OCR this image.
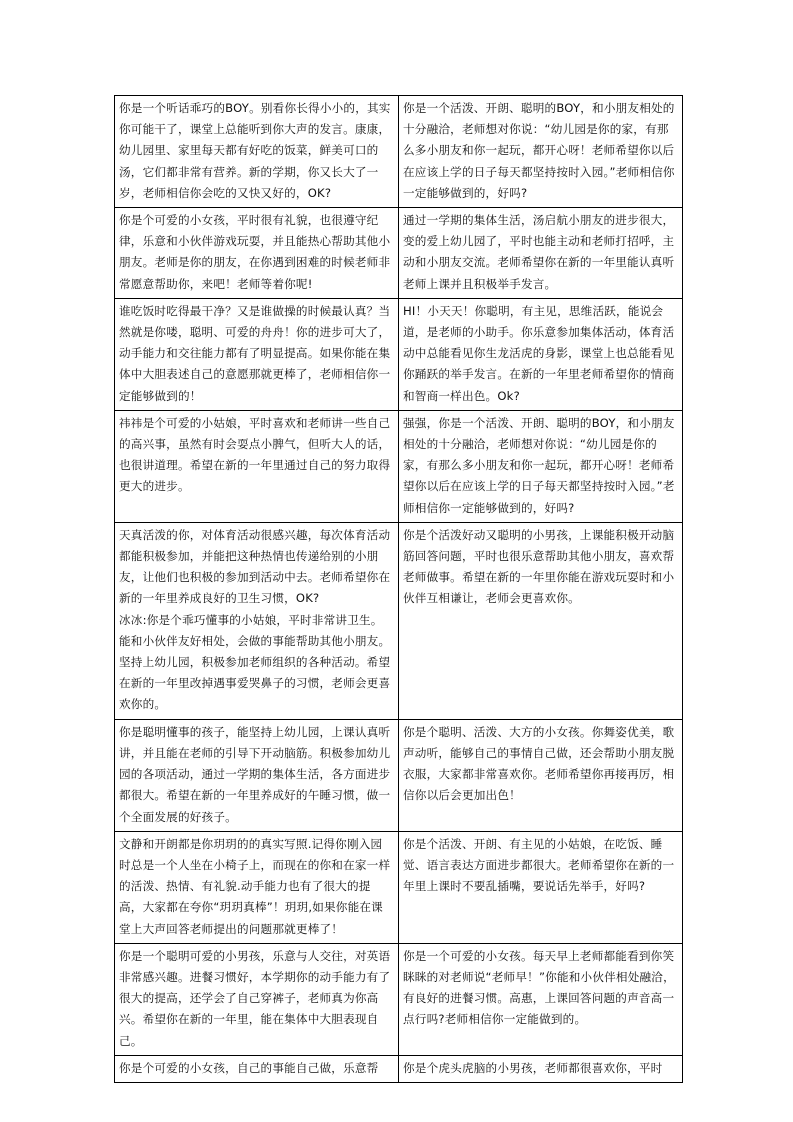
你是一个听话乖巧的BOY。别看你长得小小的，其实你可能干了，课堂上总能听到你大声的发言。康康，幼儿园里、家里每天都有好吃的饭菜，鲜美可口的汤，它们都非常有营养。新的学期，你又长大了一岁，老师相信你会吃的又快又好的，OK?	你是一个活泼、开朗、聪明的BOY，和小朋友相处的十分融洽，老师想对你说：“幼儿园是你的家，有那么多小朋友和你一起玩，都开心呀！老师希望你以后在应该上学的日子每天都坚持按时入园。”老师相信你一定能够做到的，好吗?

你是个可爱的小女孩，平时很有礼貌，也很遵守纪律，乐意和小伙伴游戏玩耍，并且能热心帮助其他小朋友。老师是你的朋友，在你遇到困难的时候老师非常愿意帮助你，来吧！老师等着你呢!	通过一学期的集体生活，汤启航小朋友的进步很大，变的爱上幼儿园了，平时也能主动和老师打招呼，主动和小朋友交流。老师希望你在新的一年里能认真听老师上课并且积极举手发言。

谁吃饭时吃得最干净？又是谁做操的时候最认真？当然就是你喽，聪明、可爱的舟舟！你的进步可大了，动手能力和交往能力都有了明显提高。如果你能在集体中大胆表述自己的意愿那就更棒了，老师相信你一定能够做到的！	HI！小天天！你聪明，有主见，思维活跃，能说会道，是老师的小助手。你乐意参加集体活动，体育活动中总能看见你生龙活虎的身影，课堂上也总能看见你踊跃的举手发言。在新的一年里老师希望你的情商和智商一样出色。Ok?

祎祎是个可爱的小姑娘，平时喜欢和老师讲一些自己的高兴事，虽然有时会耍点小脾气，但听大人的话，也很讲道理。希望在新的一年里通过自己的努力取得更大的进步。	强强，你是一个活泼、开朗、聪明的BOY，和小朋友相处的十分融洽，老师想对你说：“幼儿园是你的家，有那么多小朋友和你一起玩，都开心呀！老师希望你以后在应该上学的日子每天都坚持按时入园。”老师相信你一定能够做到的，好吗?

天真活泼的你，对体育活动很感兴趣，每次体育活动都能积极参加，并能把这种热情也传递给别的小朋友，让他们也积极的参加到活动中去。老师希望你在新的一年里养成良好的卫生习惯，OK?
冰冰:你是个乖巧懂事的小姑娘，平时非常讲卫生。能和小伙伴友好相处，会做的事能帮助其他小朋友。坚持上幼儿园，积极参加老师组织的各种活动。希望在新的一年里改掉遇事爱哭鼻子的习惯，老师会更喜欢你的。	你是个活泼好动又聪明的小男孩，上课能积极开动脑筋回答问题，平时也很乐意帮助其他小朋友，喜欢帮老师做事。希望在新的一年里你能在游戏玩耍时和小伙伴互相谦让，老师会更喜欢你。

你是聪明懂事的孩子，能坚持上幼儿园，上课认真听讲，并且能在老师的引导下开动脑筋。积极参加幼儿园的各项活动，通过一学期的集体生活，各方面进步都很大。希望在新的一年里养成好的午睡习惯，做一个全面发展的好孩子。	你是个聪明、活泼、大方的小女孩。你舞姿优美，歌声动听，能够自己的事情自己做，还会帮助小朋友脱衣服，大家都非常喜欢你。老师希望你再接再厉，相信你以后会更加出色！

文静和开朗都是你玥玥的的真实写照.记得你刚入园时总是一个人坐在小椅子上，而现在的你和在家一样的活泼、热情、有礼貌.动手能力也有了很大的提高，大家都在夸你“玥玥真棒”！玥玥,如果你能在课堂上大声回答老师提出的问题那就更棒了！	你是个活泼、开朗、有主见的小姑娘，在吃饭、睡觉、语言表达方面进步都很大。老师希望你在新的一年里上课时不要乱插嘴，要说话先举手，好吗?

你是一个聪明可爱的小男孩，乐意与人交往，对英语非常感兴趣。进餐习惯好，本学期你的动手能力有了很大的提高，还学会了自己穿裤子，老师真为你高兴。希望你在新的一年里，能在集体中大胆表现自己。	你是一个可爱的小女孩。每天早上老师都能看到你笑眯眯的对老师说“老师早！”你能和小伙伴相处融洽，有良好的进餐习惯。高惠，上课回答问题的声音高一点行吗?老师相信你一定能做到的。

你是个可爱的小女孩，自己的事能自己做，乐意帮	你是个虎头虎脑的小男孩，老师都很喜欢你，平时
